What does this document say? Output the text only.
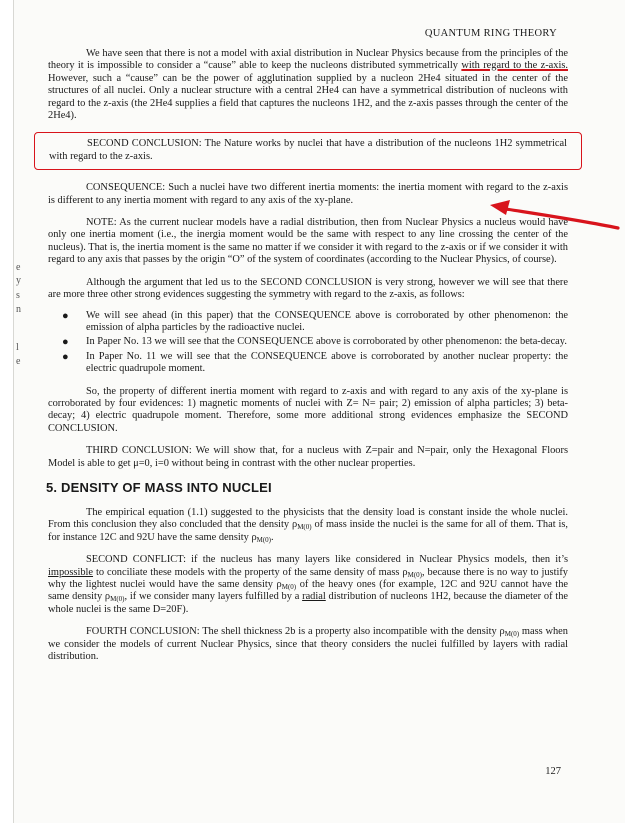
e
y
s
n
l
e
QUANTUM RING THEORY

We have seen that there is not a model with axial distribution in Nuclear Physics because from the principles of the theory it is impossible to consider a “cause” able to keep the nucleons distributed symmetrically with regard to the z-axis. However, such a “cause” can be the power of agglutination supplied by a nucleon 2He4 situated in the center of the structures of all nuclei. Only a nuclear structure with a central 2He4 can have a symmetrical distribution of nucleons with regard to the z-axis (the 2He4 supplies a field that captures the nucleons 1H2, and the z-axis passes through the center of the 2He4).

SECOND CONCLUSION: The Nature works by nuclei that have a distribution of the nucleons 1H2 symmetrical with regard to the z-axis.

CONSEQUENCE: Such a nuclei have two different inertia moments: the inertia moment with regard to the z-axis is different to any inertia moment with regard to any axis of the xy-plane.

NOTE: As the current nuclear models have a radial distribution, then from Nuclear Physics a nucleus would have only one inertia moment (i.e., the inergia moment would be the same with respect to any line crossing the center of the nucleus). That is, the inertia moment is the same no matter if we consider it with regard to the z-axis or if we consider it with regard to any axis that passes by the origin “O” of the system of coordinates (according to the Nuclear Physics, of course).

Although the argument that led us to the SECOND CONCLUSION is very strong, however we will see that there are more three other strong evidences suggesting the symmetry with regard to the z-axis, as follows:

● We will see ahead (in this paper) that the CONSEQUENCE above is corroborated by other phenomenon: the emission of alpha particles by the radioactive nuclei.
● In Paper No. 13 we will see that the CONSEQUENCE above is corroborated by other phenomenon: the beta-decay.
● In Paper No. 11 we will see that the CONSEQUENCE above is corroborated by another nuclear property: the electric quadrupole moment.

So, the property of different inertia moment with regard to z-axis and with regard to any axis of the xy-plane is corroborated by four evidences: 1) magnetic moments of nuclei with Z= N= pair; 2) emission of alpha particles; 3) beta-decay; 4) electric quadrupole moment. Therefore, some more additional strong evidences emphasize the SECOND CONCLUSION.

THIRD CONCLUSION: We will show that, for a nucleus with Z=pair and N=pair, only the Hexagonal Floors Model is able to get μ=0, i=0 without being in contrast with the other nuclear properties.

5. DENSITY OF MASS INTO NUCLEI

The empirical equation (1.1) suggested to the physicists that the density load is constant inside the whole nuclei. From this conclusion they also concluded that the density $\rho_{M(0)}$ of mass inside the nuclei is the same for all of them. That is, for instance 12C and 92U have the same density $\rho_{M(0)}$.

SECOND CONFLICT: if the nucleus has many layers like considered in Nuclear Physics models, then it’s impossible to conciliate these models with the property of the same density of mass $\rho_{M(0)}$, because there is no way to justify why the lightest nuclei would have the same density $\rho_{M(0)}$ of the heavy ones (for example, 12C and 92U cannot have the same density $\rho_{M(0)}$, if we consider many layers fulfilled by a radial distribution of nucleons 1H2, because the diameter of the whole nuclei is the same D=20F).

FOURTH CONCLUSION: The shell thickness 2b is a property also incompatible with the density $\rho_{M(0)}$ mass when we consider the models of current Nuclear Physics, since that theory considers the nuclei fulfilled by layers with radial distribution.

127
